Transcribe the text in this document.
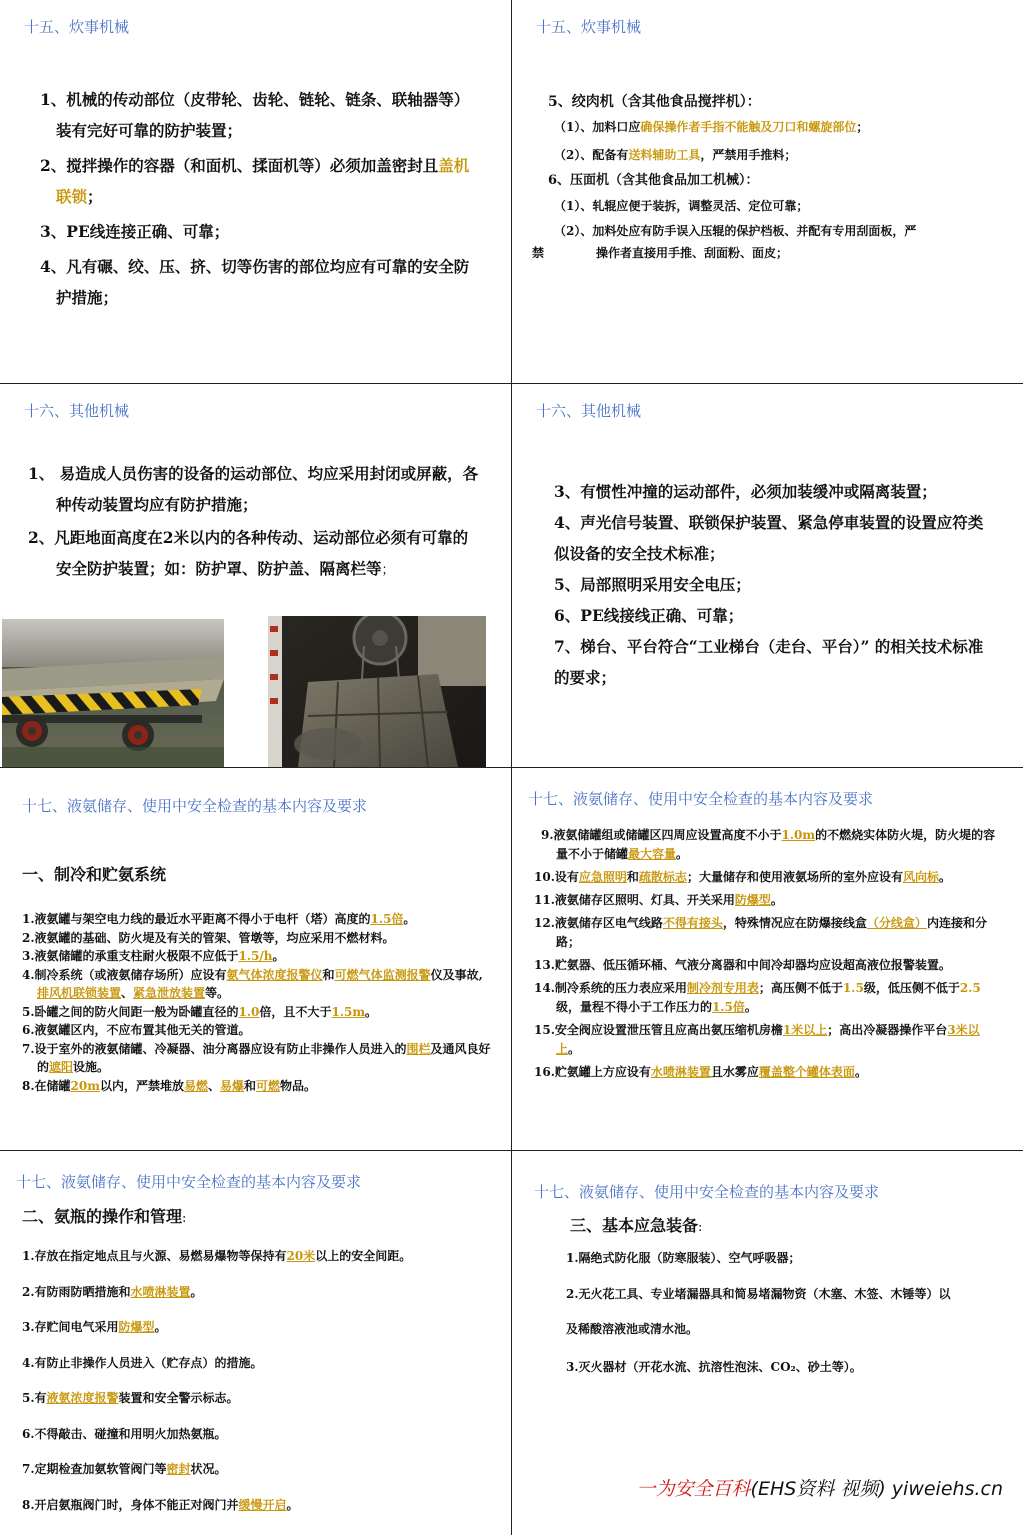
十五、炊事机械

1、机械的传动部位（皮带轮、齿轮、链轮、链条、联轴器等）装有完好可靠的防护装置；

2、搅拌操作的容器（和面机、揉面机等）必须加盖密封且盖机联锁；

3、PE线连接正确、可靠；

4、凡有碾、绞、压、挤、切等伤害的部位均应有可靠的安全防护措施；

十五、炊事机械

5、绞肉机（含其他食品搅拌机）：

（1）、加料口应确保操作者手指不能触及刀口和螺旋部位；

（2）、配备有送料辅助工具，严禁用手推料；

6、压面机（含其他食品加工机械）：

（1）、轧辊应便于装拆，调整灵活、定位可靠；

（2）、加料处应有防手误入压辊的保护档板、并配有专用刮面板，严

禁	操作者直接用手推、刮面粉、面皮；

十六、其他机械

1、 易造成人员伤害的设备的运动部位、均应采用封闭或屏蔽，各种传动装置均应有防护措施；

2、凡距地面高度在2米以内的各种传动、运动部位必须有可靠的安全防护装置；如：防护罩、防护盖、隔离栏等；

十六、其他机械

3、有惯性冲撞的运动部件，必须加装缓冲或隔离装置；

4、声光信号装置、联锁保护装置、紧急停車装置的设置应符类似设备的安全技术标准；

5、局部照明采用安全电压；

6、PE线接线正确、可靠；

7、梯台、平台符合“工业梯台（走台、平台）” 的相关技术标准的要求；

十七、液氨储存、使用中安全检查的基本内容及要求
一、制冷和贮氨系统

1.液氨罐与架空电力线的最近水平距离不得小于电杆（塔）高度的1.5倍。

2.液氨罐的基础、防火堤及有关的管架、管墩等，均应采用不燃材料。

3.液氨储罐的承重支柱耐火极限不应低于1.5/h。

4.制冷系统（或液氨储存场所）应设有氨气体浓度报警仪和可燃气体监测报警仪及事故,排风机联锁装置、紧急泄放装置等。

5.卧罐之间的防火间距一般为卧罐直径的1.0倍，且不大于1.5m。

6.液氨罐区内，不应布置其他无关的管道。

7.设于室外的液氨储罐、冷凝器、油分离器应设有防止非操作人员进入的围栏及通风良好的遮阳设施。

8.在储罐20m以内，严禁堆放易燃、易爆和可燃物品。

十七、液氨储存、使用中安全检查的基本内容及要求

9.液氨储罐组或储罐区四周应设置高度不小于1.0m的不燃烧实体防火堤，防火堤的容量不小于储罐最大容量。

10.设有应急照明和疏散标志；大量储存和使用液氨场所的室外应设有风向标。

11.液氨储存区照明、灯具、开关采用防爆型。

12.液氨储存区电气线路不得有接头，特殊情况应在防爆接线盒（分线盒）内连接和分路；

13.贮氨器、低压循环桶、气液分离器和中间冷却器均应设超高液位报警装置。

14.制冷系统的压力表应采用制冷剂专用表；高压侧不低于1.5级，低压侧不低于2.5级，量程不得小于工作压力的1.5倍。

15.安全阀应设置泄压管且应高出氨压缩机房檐1米以上；高出冷凝器操作平台3米以上。

16.贮氨罐上方应设有水喷淋装置且水雾应覆盖整个罐体表面。

十七、液氨储存、使用中安全检查的基本内容及要求
二、氨瓶的操作和管理:

1.存放在指定地点且与火源、易燃易爆物等保持有20米以上的安全间距。

2.有防雨防晒措施和水喷淋装置。

3.存贮间电气采用防爆型。

4.有防止非操作人员进入（贮存点）的措施。

5.有液氨浓度报警装置和安全警示标志。

6.不得敲击、碰撞和用明火加热氨瓶。

7.定期检查加氨软管阀门等密封状况。

8.开启氨瓶阀门时，身体不能正对阀门并缓慢开启。

十七、液氨储存、使用中安全检查的基本内容及要求
三、基本应急装备:

1.隔绝式防化服（防寒服装）、空气呼吸器；

2.无火花工具、专业堵漏器具和简易堵漏物资（木塞、木签、木锤等）以

及稀酸溶液池或清水池。

3.灭火器材（开花水流、抗溶性泡沫、CO₂、砂土等）。

一为安全百科(EHS资料 视频) yiweiehs.cn
